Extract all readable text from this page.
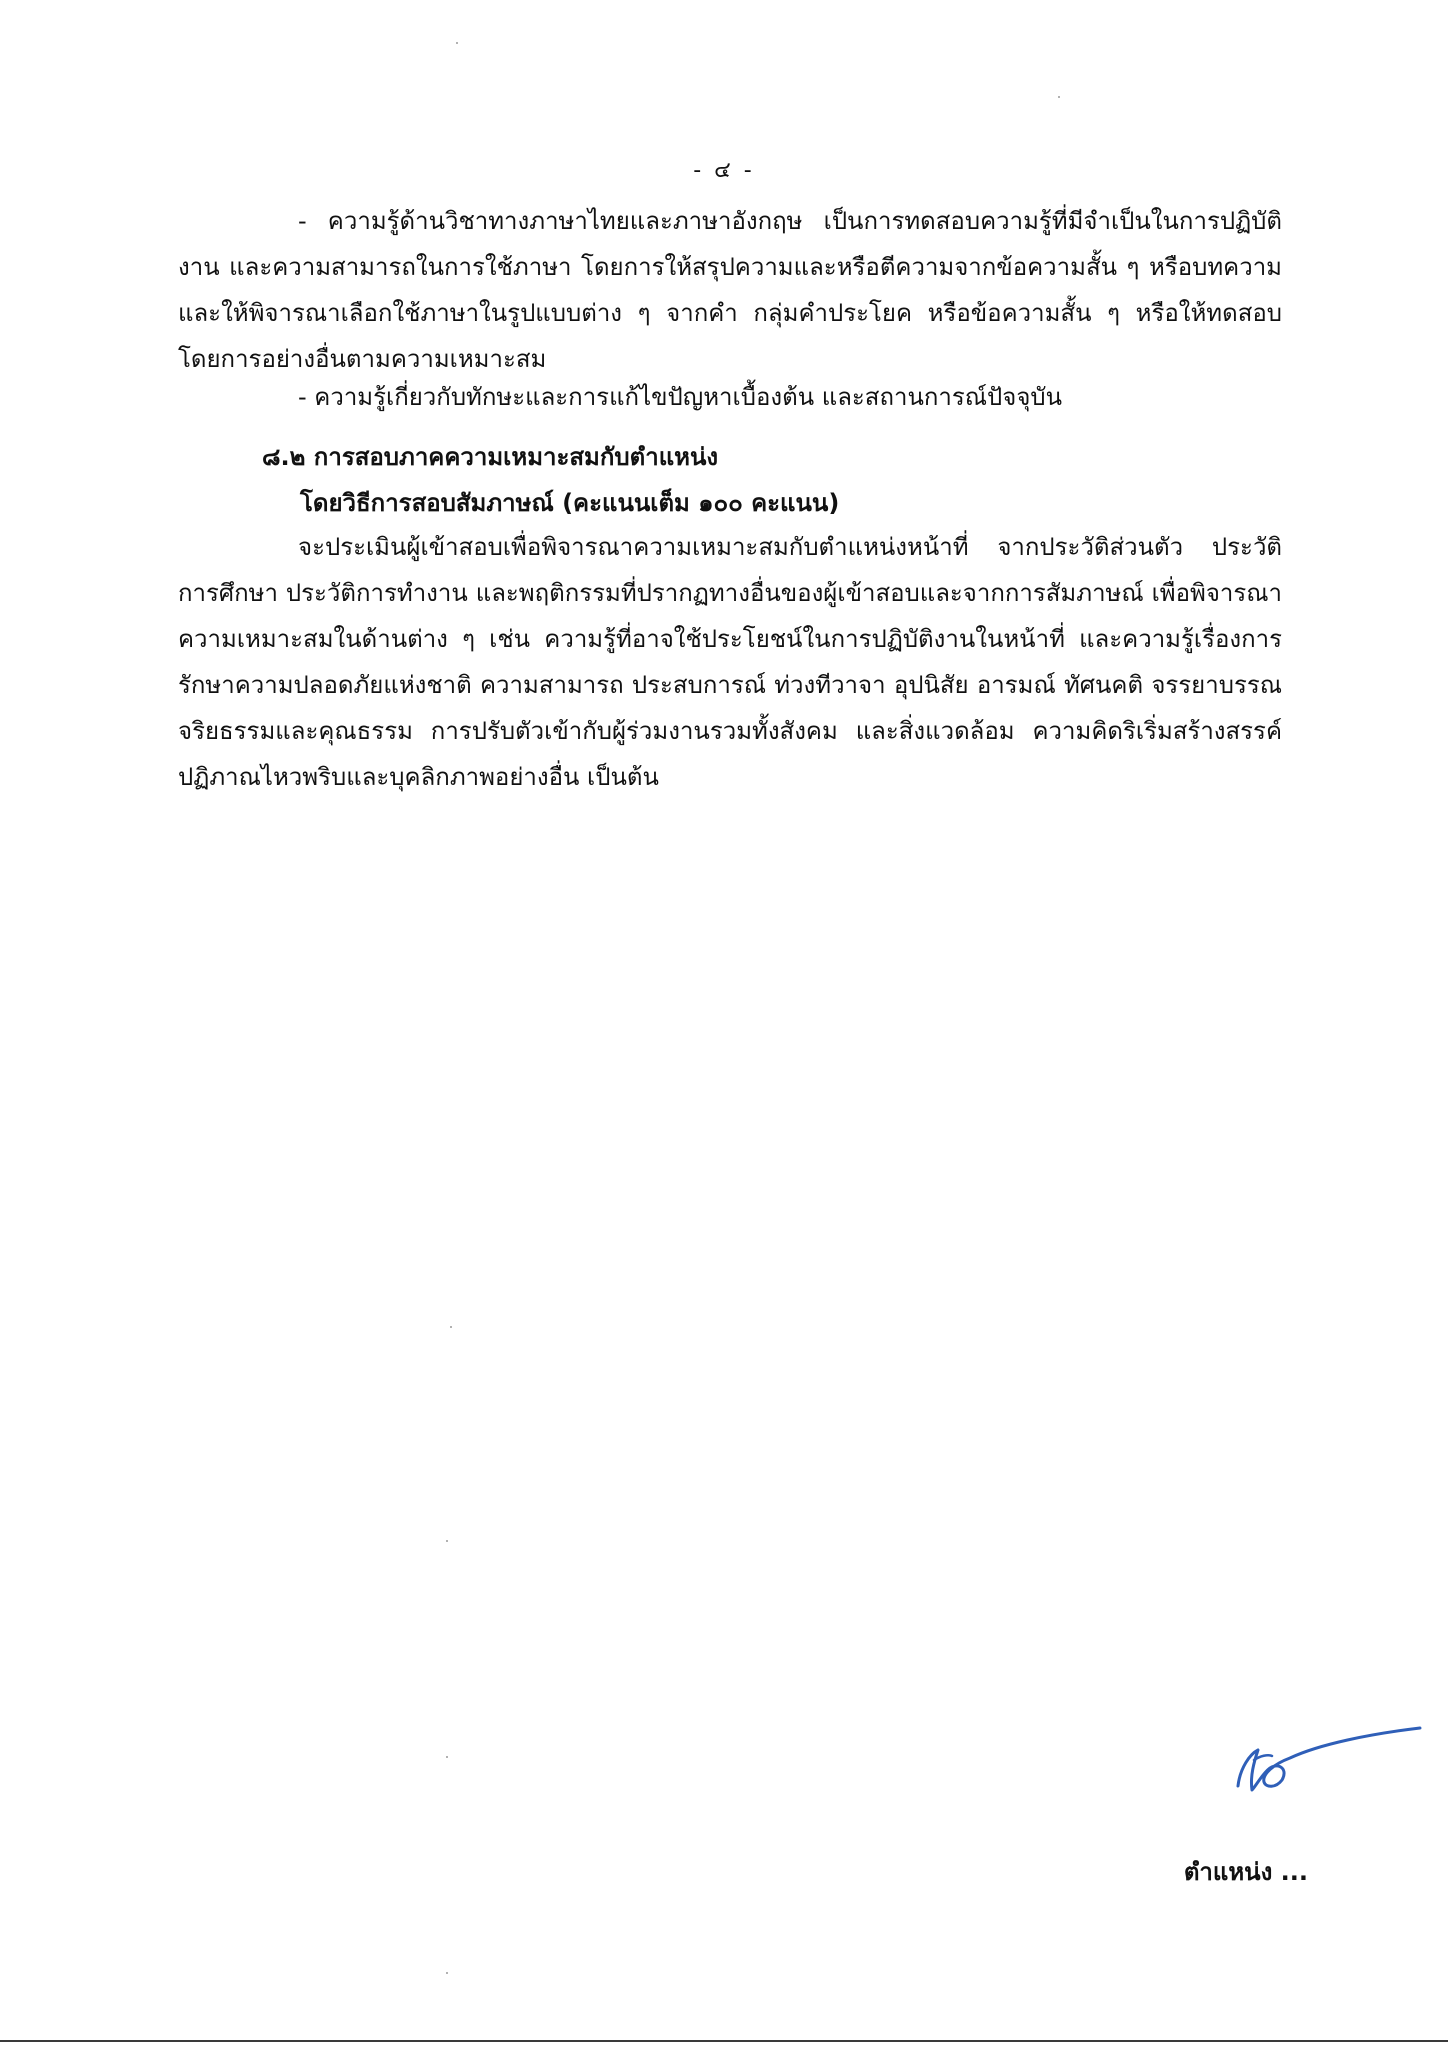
- ๔ -
- ความรู้ด้านวิชาทางภาษาไทยและภาษาอังกฤษ เป็นการทดสอบความรู้ที่มีจำเป็นในการปฏิบัติงาน และความสามารถในการใช้ภาษา โดยการให้สรุปความและหรือตีความจากข้อความสั้น ๆ หรือบทความ และให้พิจารณาเลือกใช้ภาษาในรูปแบบต่าง ๆ จากคำ กลุ่มคำประโยค หรือข้อความสั้น ๆ หรือให้ทดสอบ โดยการอย่างอื่นตามความเหมาะสม
- ความรู้เกี่ยวกับทักษะและการแก้ไขปัญหาเบื้องต้น และสถานการณ์ปัจจุบัน
๘.๒ การสอบภาคความเหมาะสมกับตำแหน่ง
โดยวิธีการสอบสัมภาษณ์ (คะแนนเต็ม ๑๐๐ คะแนน)
จะประเมินผู้เข้าสอบเพื่อพิจารณาความเหมาะสมกับตำแหน่งหน้าที่ จากประวัติส่วนตัว ประวัติ การศึกษา ประวัติการทำงาน และพฤติกรรมที่ปรากฏทางอื่นของผู้เข้าสอบและจากการสัมภาษณ์ เพื่อพิจารณาความเหมาะสมในด้านต่าง ๆ เช่น ความรู้ที่อาจใช้ประโยชน์ในการปฏิบัติงานในหน้าที่ และความรู้เรื่องการรักษาความปลอดภัยแห่งชาติ ความสามารถ ประสบการณ์ ท่วงทีวาจา อุปนิสัย อารมณ์ ทัศนคติ จรรยาบรรณ จริยธรรมและคุณธรรม การปรับตัวเข้ากับผู้ร่วมงานรวมทั้งสังคม และสิ่งแวดล้อม ความคิดริเริ่มสร้างสรรค์ ปฏิภาณไหวพริบและบุคลิกภาพอย่างอื่น เป็นต้น
ตำแหน่ง ...
